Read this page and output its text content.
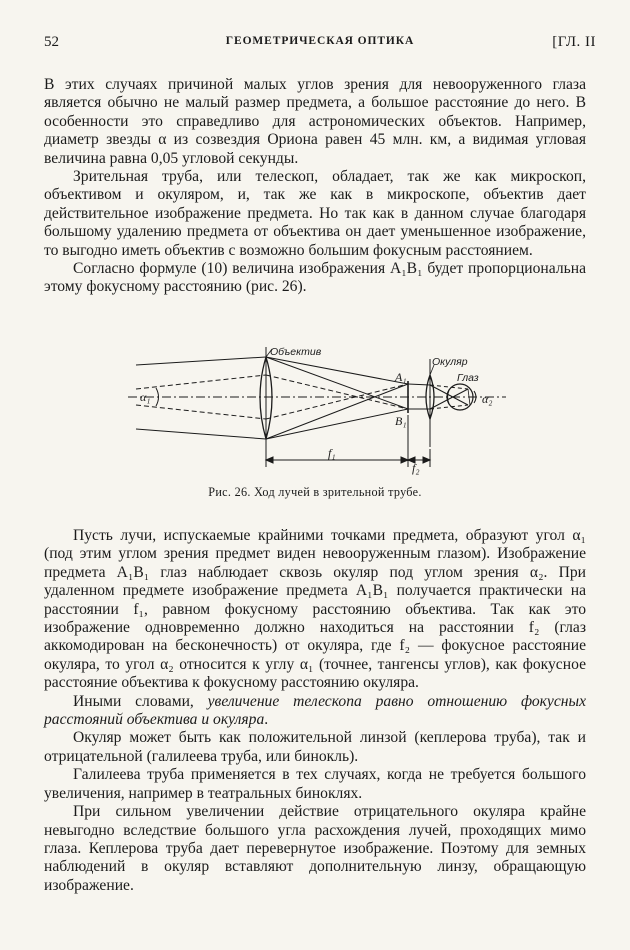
52	ГЕОМЕТРИЧЕСКАЯ ОПТИКА	[ГЛ. II

В этих случаях причиной малых углов зрения для невооруженного глаза является обычно не малый размер предмета, а большое расстояние до него. В особенности это справедливо для астрономических объектов. Например, диаметр звезды α из созвездия Ориона равен 45 млн. км, а видимая угловая величина равна 0,05 угловой секунды.

Зрительная труба, или телескоп, обладает, так же как микроскоп, объективом и окуляром, и, так же как в микроскопе, объектив дает действительное изображение предмета. Но так как в данном случае благодаря большому удалению предмета от объектива он дает уменьшенное изображение, то выгодно иметь объектив с возможно большим фокусным расстоянием.

Согласно формуле (10) величина изображения A₁B₁ будет пропорциональна этому фокусному расстоянию (рис. 26).

Объектив
Окуляр
Глаз
α₁	α₂
A₁
B₁
f₁
f₂
Рис. 26. Ход лучей в зрительной трубе.

Пусть лучи, испускаемые крайними точками предмета, образуют угол α₁ (под этим углом зрения предмет виден невооруженным глазом). Изображение предмета A₁B₁ глаз наблюдает сквозь окуляр под углом зрения α₂. При удаленном предмете изображение предмета A₁B₁ получается практически на расстоянии f₁, равном фокусному расстоянию объектива. Так как это изображение одновременно должно находиться на расстоянии f₂ (глаз аккомодирован на бесконечность) от окуляра, где f₂ — фокусное расстояние окуляра, то угол α₂ относится к углу α₁ (точнее, тангенсы углов), как фокусное расстояние объектива к фокусному расстоянию окуляра.

Иными словами, увеличение телескопа равно отношению фокусных расстояний объектива и окуляра.

Окуляр может быть как положительной линзой (кеплерова труба), так и отрицательной (галилеева труба, или бинокль).

Галилеева труба применяется в тех случаях, когда не требуется большого увеличения, например в театральных биноклях.

При сильном увеличении действие отрицательного окуляра крайне невыгодно вследствие большого угла расхождения лучей, проходящих мимо глаза. Кеплерова труба дает перевернутое изображение. Поэтому для земных наблюдений в окуляр вставляют дополнительную линзу, обращающую изображение.
